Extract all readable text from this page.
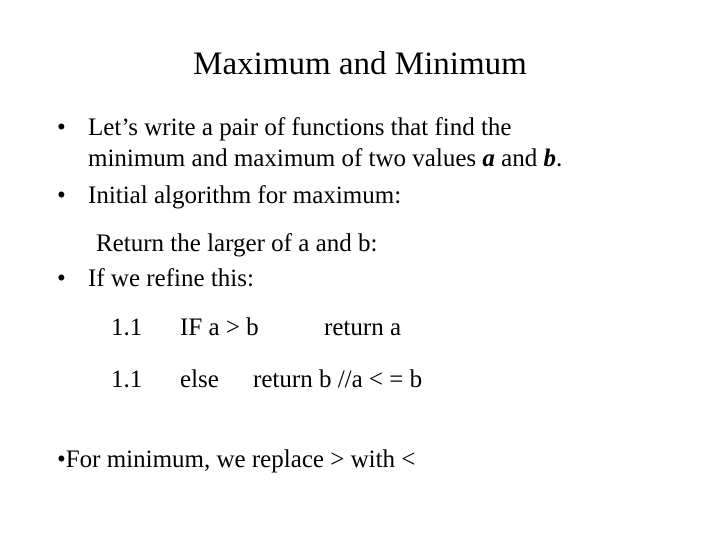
Maximum and Minimum
• Let’s write a pair of functions that find the
minimum and maximum of two values a and b.
• Initial algorithm for maximum:
Return the larger of a and b:
• If we refine this:
1.1 IF a > b	return a
1.1 else return b //a < = b
•For minimum, we replace > with <
